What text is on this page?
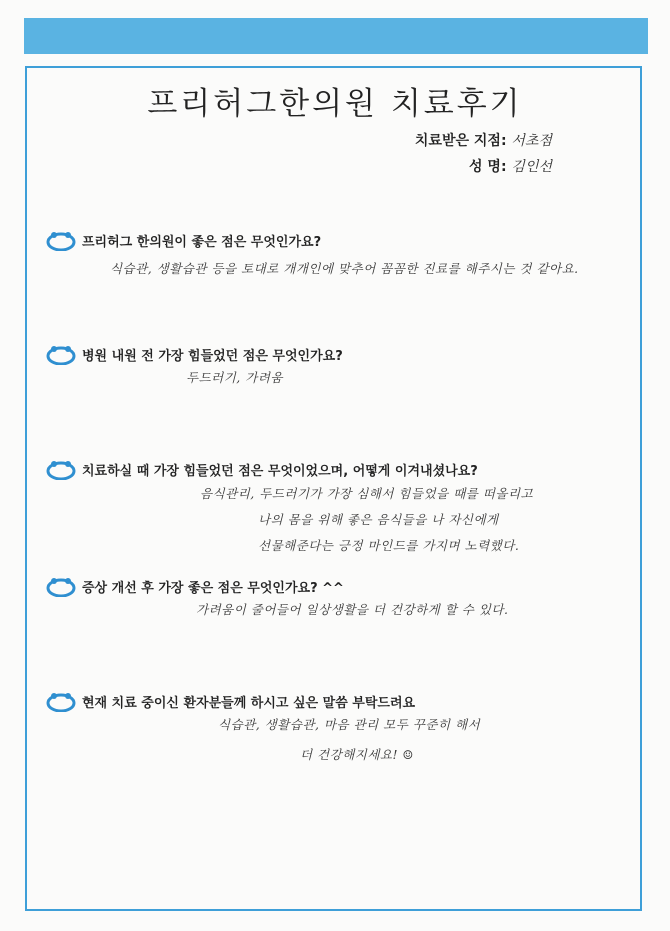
프리허그한의원 치료후기
치료받은 지점: 서초점
성 명: 김인선
프리허그 한의원이 좋은 점은 무엇인가요?
식습관, 생활습관 등을 토대로 개개인에 맞추어 꼼꼼한 진료를 해주시는 것 같아요.
병원 내원 전 가장 힘들었던 점은 무엇인가요?
두드러기, 가려움
치료하실 때 가장 힘들었던 점은 무엇이었으며, 어떻게 이겨내셨나요?
음식관리, 두드러기가 가장 심해서 힘들었을 때를 떠올리고
나의 몸을 위해 좋은 음식들을 나 자신에게
선물해준다는 긍정 마인드를 가지며 노력했다.
증상 개선 후 가장 좋은 점은 무엇인가요? ^^
가려움이 줄어들어 일상생활을 더 건강하게 할 수 있다.
현재 치료 중이신 환자분들께 하시고 싶은 말씀 부탁드려요
식습관, 생활습관, 마음 관리 모두 꾸준히 해서
더 건강해지세요! ☺
